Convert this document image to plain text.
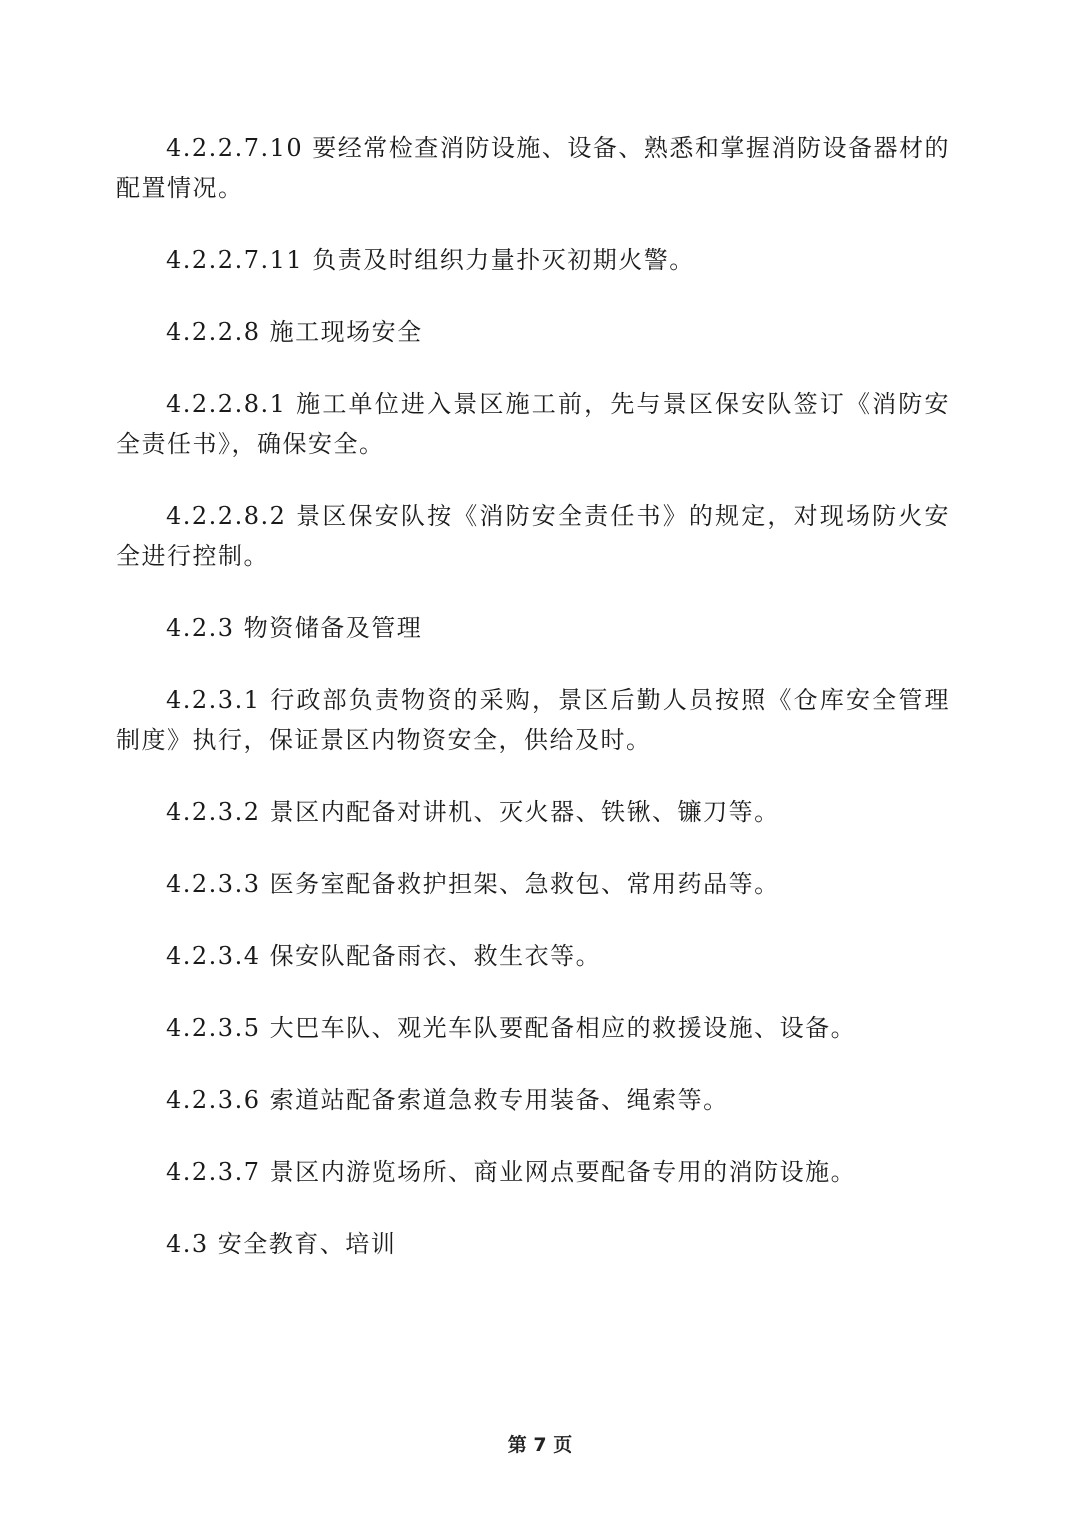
4.2.2.7.10 要经常检查消防设施、设备、熟悉和掌握消防设备器材的配置情况。

4.2.2.7.11 负责及时组织力量扑灭初期火警。

4.2.2.8 施工现场安全

4.2.2.8.1 施工单位进入景区施工前，先与景区保安队签订《消防安全责任书》，确保安全。

4.2.2.8.2 景区保安队按《消防安全责任书》的规定，对现场防火安全进行控制。

4.2.3 物资储备及管理

4.2.3.1 行政部负责物资的采购，景区后勤人员按照《仓库安全管理制度》执行，保证景区内物资安全，供给及时。

4.2.3.2 景区内配备对讲机、灭火器、铁锹、镰刀等。

4.2.3.3 医务室配备救护担架、急救包、常用药品等。

4.2.3.4 保安队配备雨衣、救生衣等。

4.2.3.5 大巴车队、观光车队要配备相应的救援设施、设备。

4.2.3.6 索道站配备索道急救专用装备、绳索等。

4.2.3.7 景区内游览场所、商业网点要配备专用的消防设施。

4.3 安全教育、培训

第 7 页
